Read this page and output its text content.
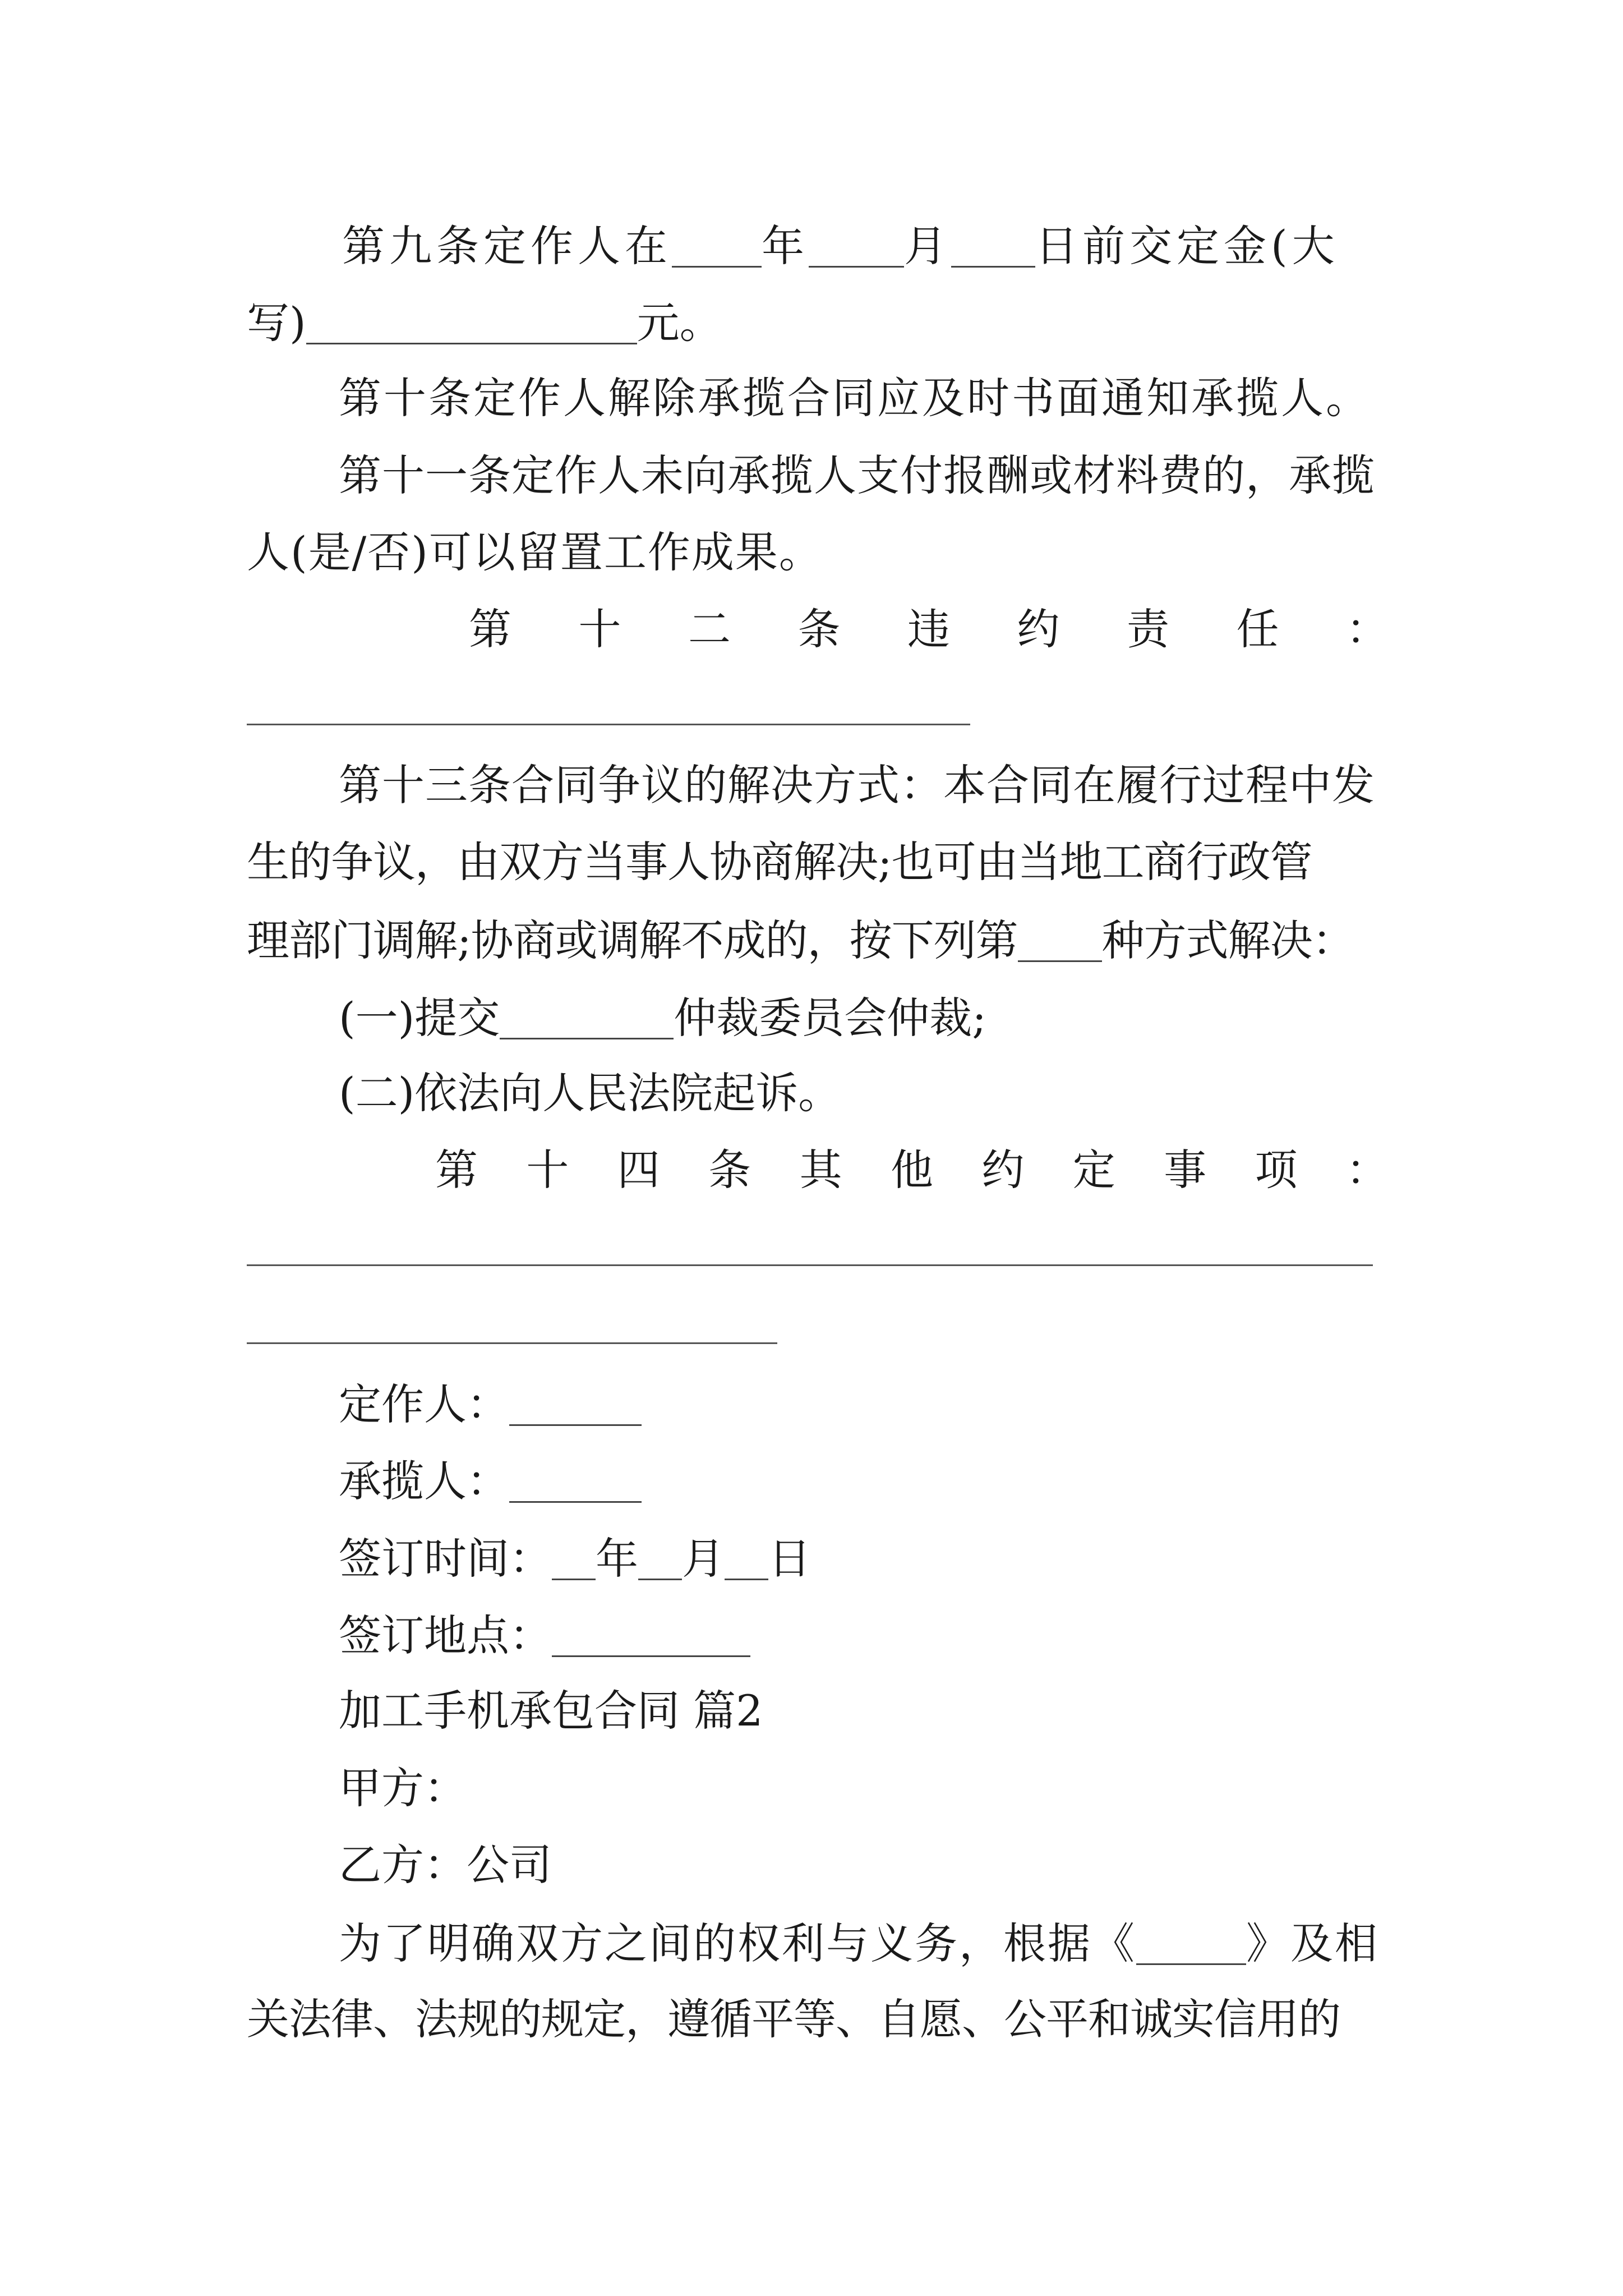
第九条定作人在 年 月 日前交定金(大
写)	元。
第十条定作人解除承揽合同应及时书面通知承揽人。
第十一条定作人未向承揽人支付报酬或材料费的，承揽
人(是/否)可以留置工作成果。
第 十 二 条 违 约 责 任 ：
第十三条合同争议的解决方式：本合同在履行过程中发
生的争议，由双方当事人协商解决;也可由当地工商行政管
理部门调解;协商或调解不成的，按下列第 种方式解决：
(一)提交	仲裁委员会仲裁;
(二)依法向人民法院起诉。
第 十 四 条 其 他 约 定 事 项 ：
定作人：
承揽人：
签订时间： 年 月 日
签订地点：
加工手机承包合同 篇2
甲方：
乙方：公司
为了明确双方之间的权利与义务，根据《	》及相
关法律、法规的规定，遵循平等、自愿、公平和诚实信用的
